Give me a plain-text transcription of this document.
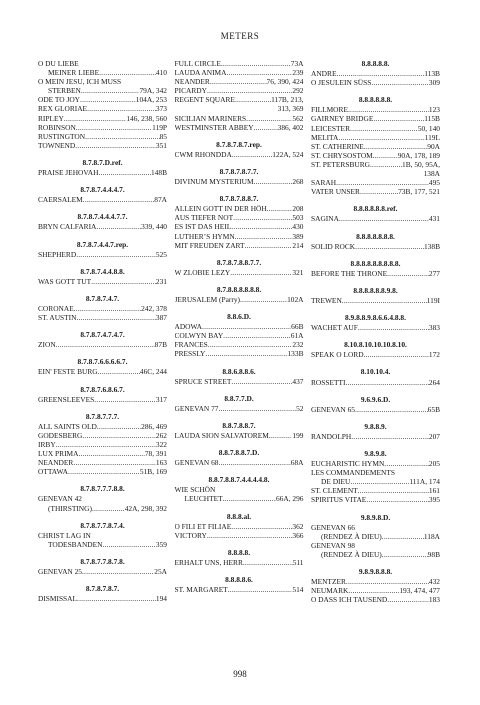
METERS
O DU LIEBE
MEINER LIEBE .....	410
O MEIN JESU, ICH MUSS
STERBEN .....	79A, 342
ODE TO JOY .....	104A, 253
REX GLORIAE .....	373
RIPLEY .....	146, 238, 560
ROBINSON .....	119P
RUSTINGTON .....	85
TOWNEND .....	351
8.7.8.7.D.ref.
PRAISE JEHOVAH .....	148B
8.7.8.7.4.4.4.7.
CAERSALEM .....	87A
8.7.8.7.4.4.4.7.7.
BRYN CALFARIA .....	339, 440
8.7.8.7.4.4.7.rep.
SHEPHERD .....	525
8.7.8.7.4.4.8.8.
WAS GOTT TUT .....	231
8.7.8.7.4.7.
CORONAE .....	242, 378
ST. AUSTIN .....	387
8.7.8.7.4.7.4.7.
ZION .....	87B
8.7.8.7.6.6.6.6.7.
EIN' FESTE BURG .....	46C, 244
8.7.8.7.6.8.6.7.
GREENSLEEVES .....	317
8.7.8.7.7.7.
ALL SAINTS OLD .....	286, 469
GODESBERG .....	262
IRBY .....	322
LUX PRIMA .....	78, 391
NEANDER .....	163
OTTAWA .....	51B, 169
8.7.8.7.7.7.8.8.
GENEVAN 42
(THIRSTING) .....	42A, 298, 392
8.7.8.7.7.8.7.4.
CHRIST LAG IN
TODESBANDEN .....	359
8.7.8.7.7.8.7.8.
GENEVAN 25 .....	25A
8.7.8.7.8.7.
DISMISSAL .....	194
FULL CIRCLE .....	73A
LAUDA ANIMA .....	239
NEANDER .....	76, 390, 424
PICARDY .....	292
REGENT SQUARE .....	117B, 213,
313, 369
SICILIAN MARINERS .....	562
WESTMINSTER ABBEY .....	386, 402
8.7.8.7.8.7.rep.
CWM RHONDDA .....	122A, 524
8.7.8.7.8.7.7.
DIVINUM MYSTERIUM .....	268
8.7.8.7.8.8.7.
ALLEIN GOTT IN DER HÖH .....	208
AUS TIEFER NOT .....	503
ES IST DAS HEIL .....	430
LUTHER’S HYMN .....	389
MIT FREUDEN ZART .....	214
8.7.8.7.8.8.7.7.
W ZLOBIE LEZY .....	321
8.7.8.8.8.8.8.8.
JERUSALEM (Parry) .....	102A
8.8.6.D.
ADOWA .....	66B
COLWYN BAY .....	61A
FRANCES .....	232
PRESSLY .....	133B
8.8.6.8.8.6.
SPRUCE STREET .....	437
8.8.7.7.D.
GENEVAN 77 .....	52
8.8.7.8.8.7.
LAUDA SION SALVATOREM .....	199
8.8.7.8.8.7.D.
GENEVAN 68 .....	68A
8.8.7.8.8.7.4.4.4.4.8.
WIE SCHÖN
LEUCHTET .....	66A, 296
8.8.8.al.
O FILI ET FILIAE .....	362
VICTORY .....	366
8.8.8.8.
ERHALT UNS, HERR .....	511
8.8.8.8.6.
ST. MARGARET .....	514
8.8.8.8.8.
ANDRE .....	113B
O JESULEIN SÜSS .....	309
8.8.8.8.8.8.
FILLMORE .....	123
GAIRNEY BRIDGE .....	115B
LEICESTER .....	50, 140
MELITA .....	119L
ST. CATHERINE .....	90A
ST. CHRYSOSTOM .....	90A, 178, 189
ST. PETERSBURG .....	1B, 50, 95A,
138A
SARAH .....	495
VATER UNSER .....	73B, 177, 521
8.8.8.8.8.8.ref.
SAGINA .....	431
8.8.8.8.8.8.8.
SOLID ROCK .....	138B
8.8.8.8.8.8.8.8.8.
BEFORE THE THRONE .....	277
8.8.8.8.8.8.9.8.
TREWEN .....	119I
8.9.8.8.9.8.6.6.4.8.8.
WACHET AUF .....	383
8.10.8.10.10.10.8.10.
SPEAK O LORD .....	172
8.10.10.4.
ROSSETTI .....	264
9.6.9.6.D.
GENEVAN 65 .....	65B
9.8.8.9.
RANDOLPH .....	207
9.8.9.8.
EUCHARISTIC HYMN .....	205
LES COMMANDEMENTS
DE DIEU .....	111A, 174
ST. CLEMENT .....	161
SPIRITUS VITAE .....	395
9.8.9.8.D.
GENEVAN 66
(RENDEZ À DIEU) .....	118A
GENEVAN 98
(RENDEZ À DIEU) .....	98B
9.8.9.8.8.8.
MENTZER .....	432
NEUMARK .....	193, 474, 477
O DASS ICH TAUSEND .....	183
998
